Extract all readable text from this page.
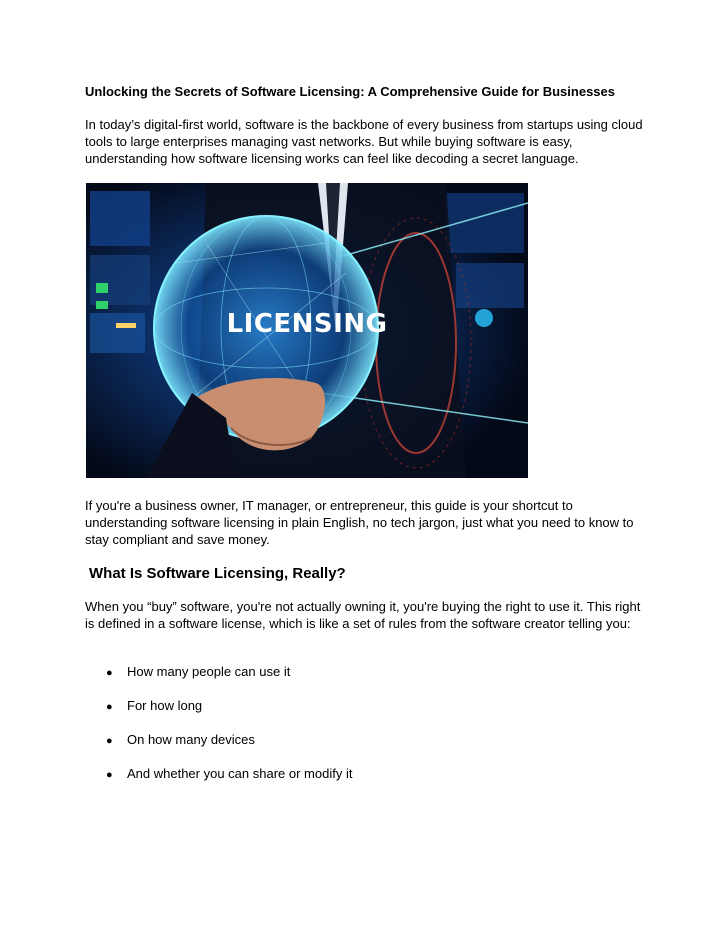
Unlocking the Secrets of Software Licensing: A Comprehensive Guide for Businesses

In today’s digital-first world, software is the backbone of every business from startups using cloud tools to large enterprises managing vast networks. But while buying software is easy, understanding how software licensing works can feel like decoding a secret language.

LICENSING

If you're a business owner, IT manager, or entrepreneur, this guide is your shortcut to understanding software licensing in plain English, no tech jargon, just what you need to know to stay compliant and save money.

What Is Software Licensing, Really?

When you “buy” software, you're not actually owning it, you're buying the right to use it. This right is defined in a software license, which is like a set of rules from the software creator telling you:

● How many people can use it
● For how long
● On how many devices
● And whether you can share or modify it
